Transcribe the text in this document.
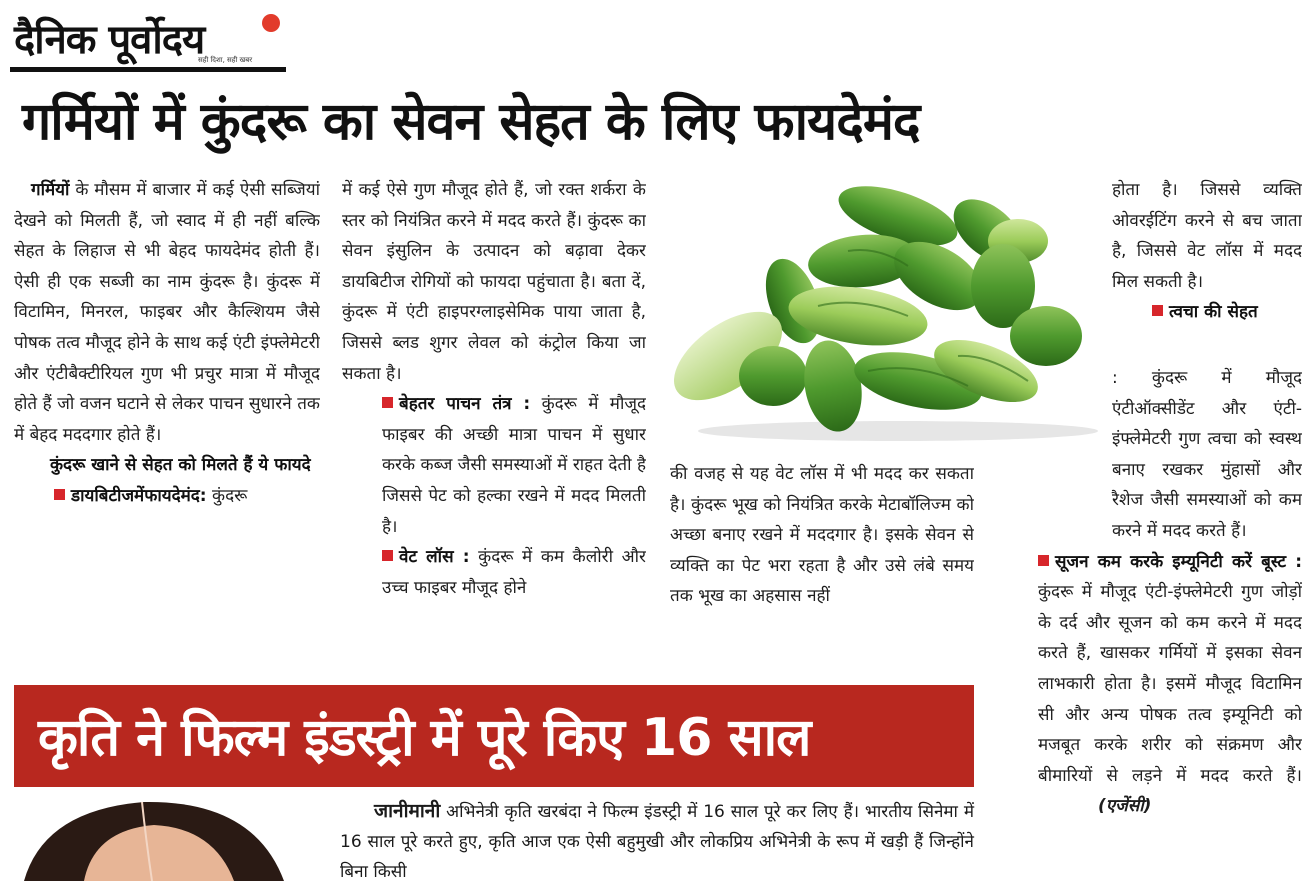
दैनिक पूर्वोदय
सही दिशा, सही खबर
गर्मियों में कुंदरू का सेवन सेहत के लिए फायदेमंद

 गर्मियों के मौसम में बाजार में कई ऐसी सब्जियां देखने को मिलती हैं, जो स्वाद में ही नहीं बल्कि सेहत के लिहाज से भी बेहद फायदेमंद होती हैं। ऐसी ही एक सब्जी का नाम कुंदरू है। कुंदरू में विटामिन, मिनरल, फाइबर और कैल्शियम जैसे पोषक तत्व मौजूद होने के साथ कई एंटी इंफ्लेमेटरी और एंटीबैक्टीरियल गुण भी प्रचुर मात्रा में मौजूद होते हैं जो वजन घटाने से लेकर पाचन सुधारने तक में बेहद मददगार होते हैं।

कुंदरू खाने से सेहत को मिलते हैं ये फायदे

डायबिटीजमेंफायदेमंद: कुंदरू

में कई ऐसे गुण मौजूद होते हैं, जो रक्त शर्करा के स्तर को नियंत्रित करने में मदद करते हैं। कुंदरू का सेवन इंसुलिन के उत्पादन को बढ़ावा देकर डायबिटीज रोगियों को फायदा पहुंचाता है। बता दें, कुंदरू में एंटी हाइपरग्लाइसेमिक पाया जाता है, जिससे ब्लड शुगर लेवल को कंट्रोल किया जा सकता है।

बेहतर पाचन तंत्र : कुंदरू में मौजूद फाइबर की अच्छी मात्रा पाचन में सुधार करके कब्ज जैसी समस्याओं में राहत देती है जिससे पेट को हल्का रखने में मदद मिलती है।

वेट लॉस : कुंदरू में कम कैलोरी और उच्च फाइबर मौजूद होने

की वजह से यह वेट लॉस में भी मदद कर सकता है। कुंदरू भूख को नियंत्रित करके मेटाबॉलिज्म को अच्छा बनाए रखने में मददगार है। इसके सेवन से व्यक्ति का पेट भरा रहता है और उसे लंबे समय तक भूख का अहसास नहीं

होता है। जिससे व्यक्ति ओवरईटिंग करने से बच जाता है, जिससे वेट लॉस में मदद मिल सकती है।

त्वचा की सेहत

: कुंदरू में मौजूद एंटीऑक्सीडेंट और एंटी-इंफ्लेमेटरी गुण त्वचा को स्वस्थ बनाए रखकर मुंहासों और रैशेज जैसी समस्याओं को कम करने में मदद करते हैं।

सूजन कम करके इम्यूनिटी करें बूस्ट : कुंदरू में मौजूद एंटी-इंफ्लेमेटरी गुण जोड़ों के दर्द और सूजन को कम करने में मदद करते हैं, खासकर गर्मियों में इसका सेवन लाभकारी होता है। इसमें मौजूद विटामिन सी और अन्य पोषक तत्व इम्यूनिटी को मजबूत करके शरीर को संक्रमण और बीमारियों से लड़ने में मदद करते हैं। (एजेंसी)

कृति ने फिल्म इंडस्ट्री में पूरे किए 16 साल
  जानीमानी अभिनेत्री कृति खरबंदा ने फिल्म इंडस्ट्री में 16 साल पूरे कर लिए हैं। भारतीय सिनेमा में 16 साल पूरे करते हुए, कृति आज एक ऐसी बहुमुखी और लोकप्रिय अभिनेत्री के रूप में खड़ी हैं जिन्होंने बिना किसी
